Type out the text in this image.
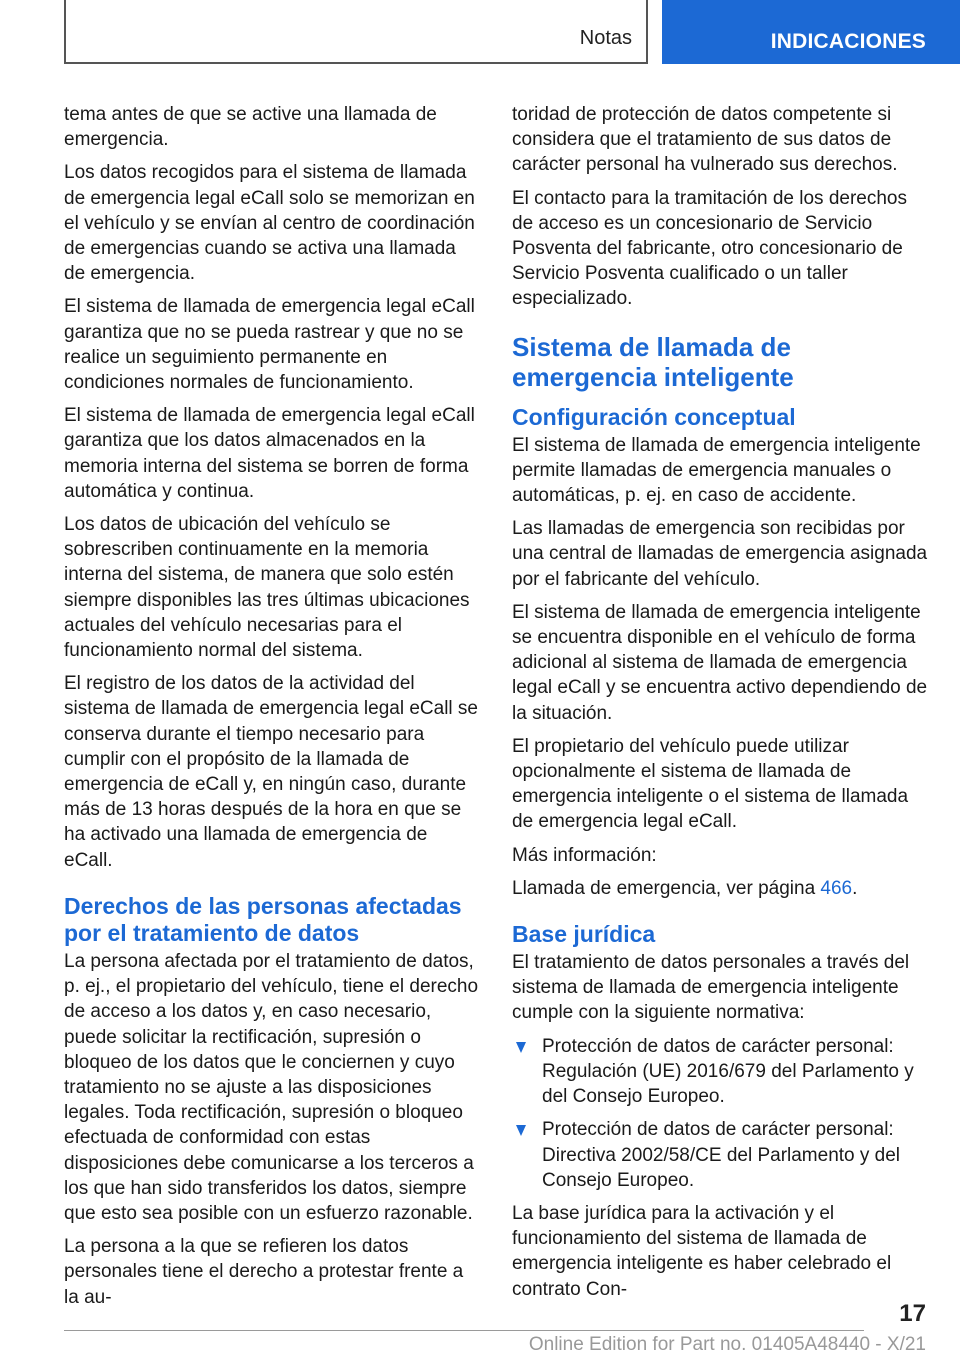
Notas	INDICACIONES

tema antes de que se active una llamada de emergencia.

Los datos recogidos para el sistema de llamada de emergencia legal eCall solo se memorizan en el vehículo y se envían al centro de coordinación de emergencias cuando se activa una llamada de emergencia.

El sistema de llamada de emergencia legal eCall garantiza que no se pueda rastrear y que no se realice un seguimiento permanente en condiciones normales de funcionamiento.

El sistema de llamada de emergencia legal eCall garantiza que los datos almacenados en la memoria interna del sistema se borren de forma automática y continua.

Los datos de ubicación del vehículo se sobrescriben continuamente en la memoria interna del sistema, de manera que solo estén siempre disponibles las tres últimas ubicaciones actuales del vehículo necesarias para el funcionamiento normal del sistema.

El registro de los datos de la actividad del sistema de llamada de emergencia legal eCall se conserva durante el tiempo necesario para cumplir con el propósito de la llamada de emergencia de eCall y, en ningún caso, durante más de 13 horas después de la hora en que se ha activado una llamada de emergencia de eCall.

Derechos de las personas afectadas por el tratamiento de datos

La persona afectada por el tratamiento de datos, p. ej., el propietario del vehículo, tiene el derecho de acceso a los datos y, en caso necesario, puede solicitar la rectificación, supresión o bloqueo de los datos que le conciernen y cuyo tratamiento no se ajuste a las disposiciones legales. Toda rectificación, supresión o bloqueo efectuada de conformidad con estas disposiciones debe comunicarse a los terceros a los que han sido transferidos los datos, siempre que esto sea posible con un esfuerzo razonable.

La persona a la que se refieren los datos personales tiene el derecho a protestar frente a la au-

toridad de protección de datos competente si considera que el tratamiento de sus datos de carácter personal ha vulnerado sus derechos.

El contacto para la tramitación de los derechos de acceso es un concesionario de Servicio Posventa del fabricante, otro concesionario de Servicio Posventa cualificado o un taller especializado.

Sistema de llamada de emergencia inteligente
Configuración conceptual

El sistema de llamada de emergencia inteligente permite llamadas de emergencia manuales o automáticas, p. ej. en caso de accidente.

Las llamadas de emergencia son recibidas por una central de llamadas de emergencia asignada por el fabricante del vehículo.

El sistema de llamada de emergencia inteligente se encuentra disponible en el vehículo de forma adicional al sistema de llamada de emergencia legal eCall y se encuentra activo dependiendo de la situación.

El propietario del vehículo puede utilizar opcionalmente el sistema de llamada de emergencia inteligente o el sistema de llamada de emergencia legal eCall.

Más información:

Llamada de emergencia, ver página 466.

Base jurídica

El tratamiento de datos personales a través del sistema de llamada de emergencia inteligente cumple con la siguiente normativa:

Protección de datos de carácter personal: Regulación (UE) 2016/679 del Parlamento y del Consejo Europeo.
Protección de datos de carácter personal: Directiva 2002/58/CE del Parlamento y del Consejo Europeo.

La base jurídica para la activación y el funcionamiento del sistema de llamada de emergencia inteligente es haber celebrado el contrato Con-

17
Online Edition for Part no. 01405A48440 - X/21
